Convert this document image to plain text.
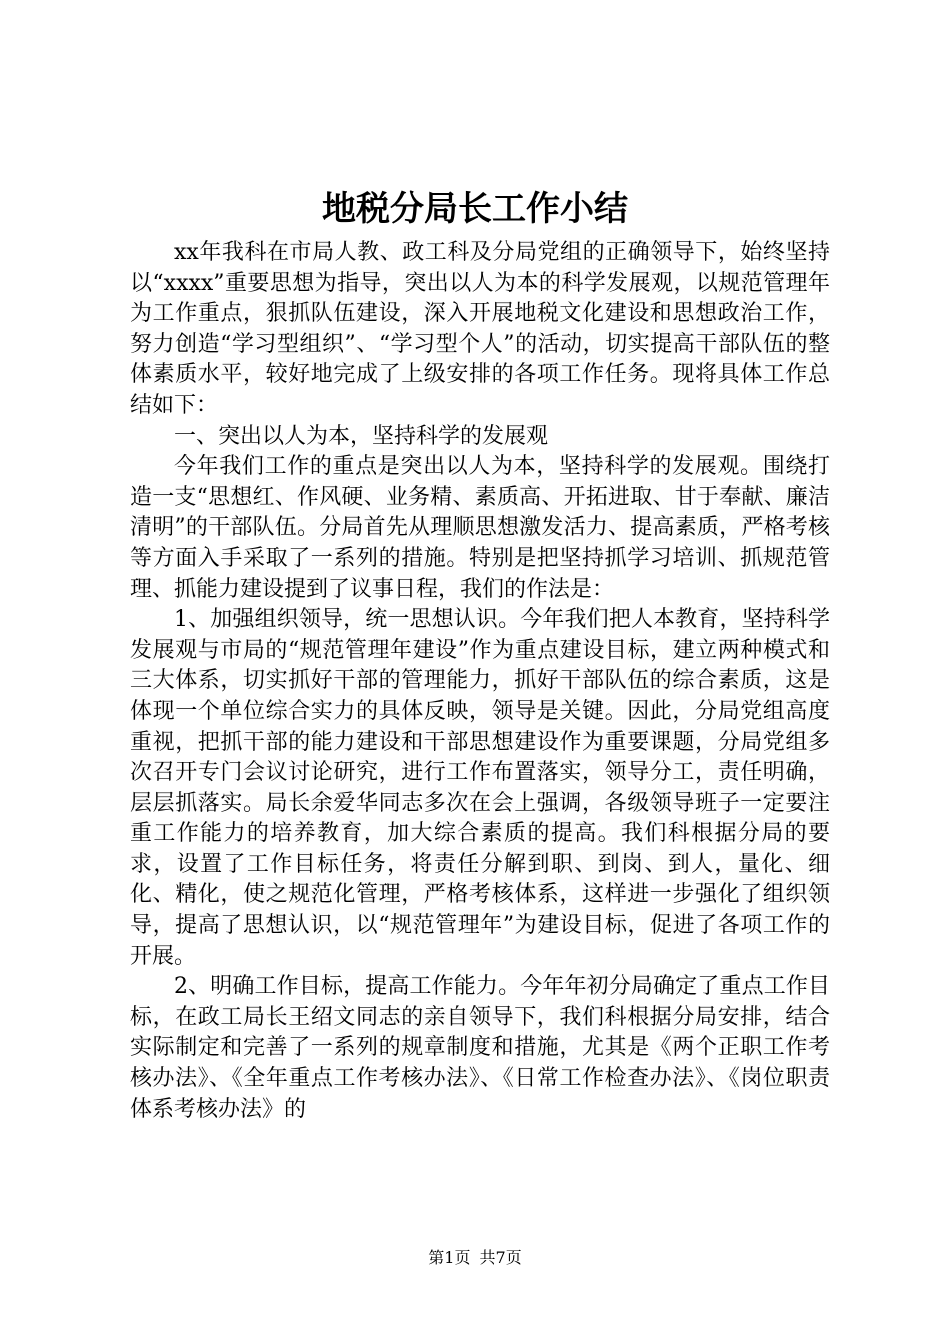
地税分局长工作小结

xx年我科在市局人教、政工科及分局党组的正确领导下，始终坚持以“xxxx”重要思想为指导，突出以人为本的科学发展观，以规范管理年为工作重点，狠抓队伍建设，深入开展地税文化建设和思想政治工作，努力创造“学习型组织”、“学习型个人”的活动，切实提高干部队伍的整体素质水平，较好地完成了上级安排的各项工作任务。现将具体工作总结如下：

一、突出以人为本，坚持科学的发展观

今年我们工作的重点是突出以人为本，坚持科学的发展观。围绕打造一支“思想红、作风硬、业务精、素质高、开拓进取、甘于奉献、廉洁清明”的干部队伍。分局首先从理顺思想激发活力、提高素质，严格考核等方面入手采取了一系列的措施。特别是把坚持抓学习培训、抓规范管理、抓能力建设提到了议事日程，我们的作法是：

1、加强组织领导，统一思想认识。今年我们把人本教育，坚持科学发展观与市局的“规范管理年建设”作为重点建设目标，建立两种模式和三大体系，切实抓好干部的管理能力，抓好干部队伍的综合素质，这是体现一个单位综合实力的具体反映，领导是关键。因此，分局党组高度重视，把抓干部的能力建设和干部思想建设作为重要课题，分局党组多次召开专门会议讨论研究，进行工作布置落实，领导分工，责任明确，层层抓落实。局长余爱华同志多次在会上强调，各级领导班子一定要注重工作能力的培养教育，加大综合素质的提高。我们科根据分局的要求，设置了工作目标任务，将责任分解到职、到岗、到人，量化、细化、精化，使之规范化管理，严格考核体系，这样进一步强化了组织领导，提高了思想认识，以“规范管理年”为建设目标，促进了各项工作的开展。

2、明确工作目标，提高工作能力。今年年初分局确定了重点工作目标，在政工局长王绍文同志的亲自领导下，我们科根据分局安排，结合实际制定和完善了一系列的规章制度和措施，尤其是《两个正职工作考核办法》、《全年重点工作考核办法》、《日常工作检查办法》、《岗位职责体系考核办法》的

第1页 共7页
